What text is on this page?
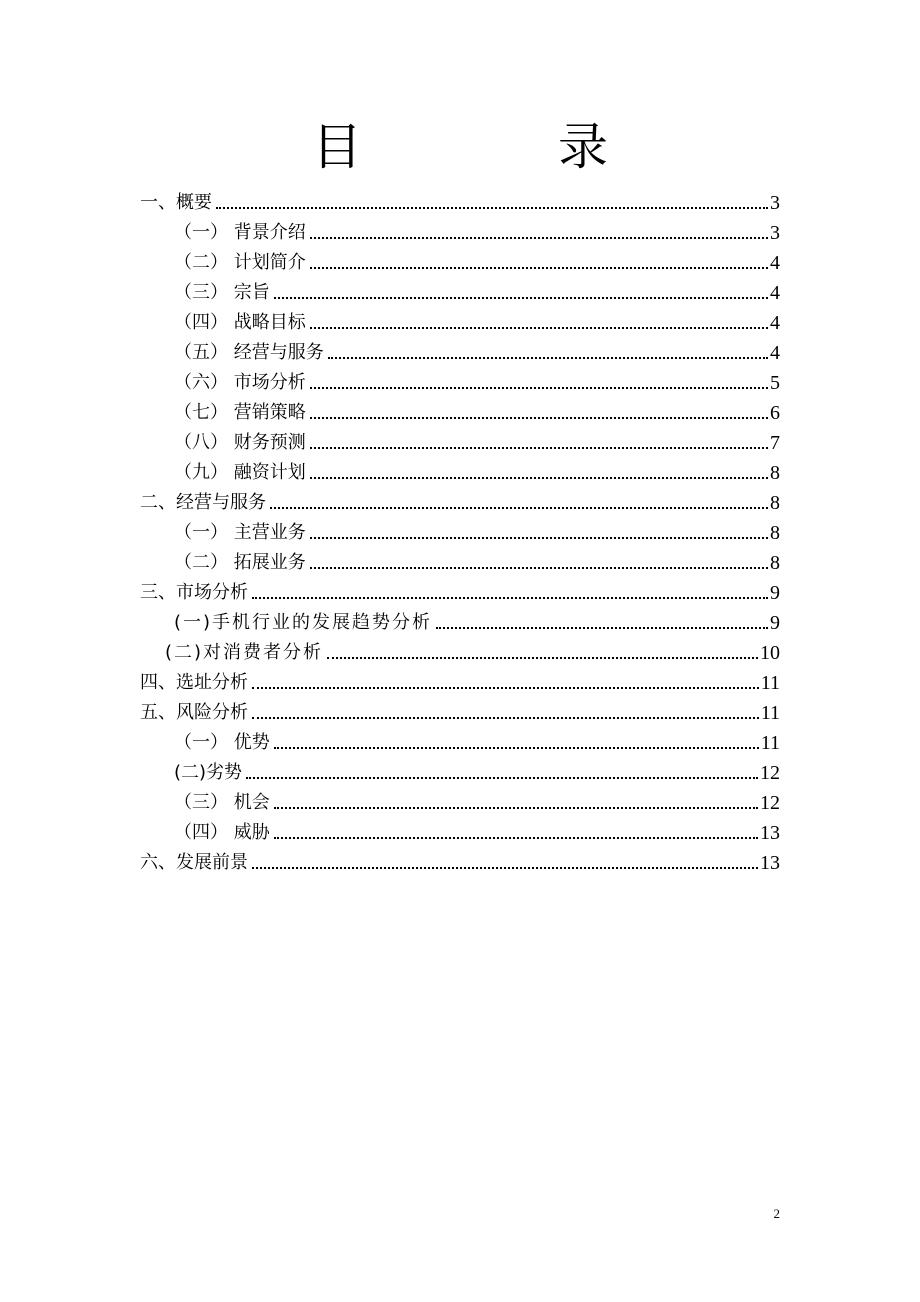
目 录
一、概要	3
（一） 背景介绍	3
（二） 计划简介	4
（三） 宗旨	4
（四） 战略目标	4
（五） 经营与服务	4
（六） 市场分析	5
（七） 营销策略	6
（八） 财务预测	7
（九） 融资计划	8
二、经营与服务	8
（一） 主营业务	8
（二） 拓展业务	8
三、市场分析	9
(一)手机行业的发展趋势分析	9
(二)对消费者分析	10
四、选址分析	11
五、风险分析	11
（一） 优势	11
(二)劣势	12
（三） 机会	12
（四） 威胁	13
六、发展前景	13
2
